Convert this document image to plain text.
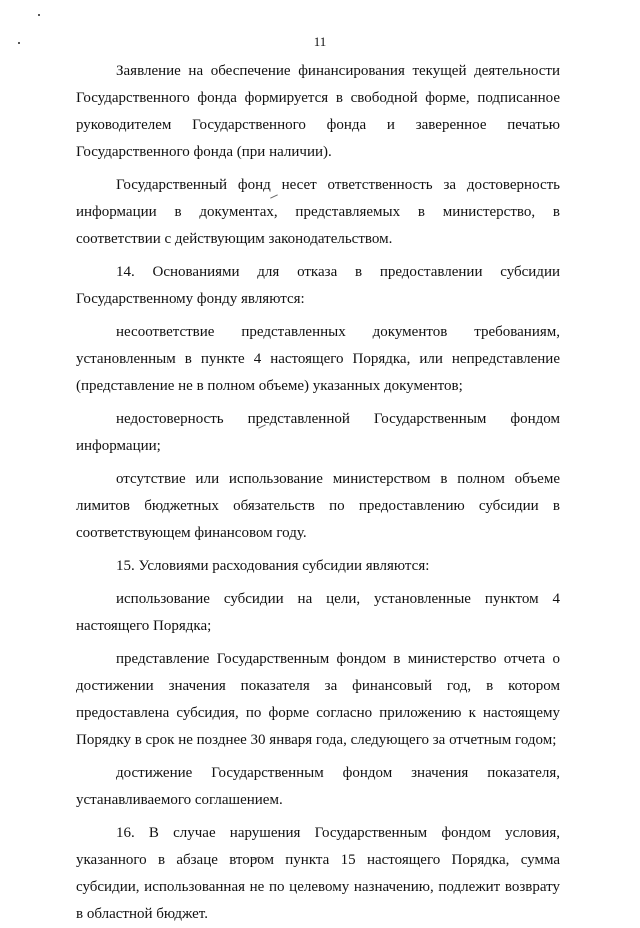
11

Заявление на обеспечение финансирования текущей деятельности Государственного фонда формируется в свободной форме, подписанное руководителем Государственного фонда и заверенное печатью Государственного фонда (при наличии).

Государственный фонд несет ответственность за достоверность информации в документах, представляемых в министерство, в соответствии с действующим законодательством.

14. Основаниями для отказа в предоставлении субсидии Государственному фонду являются:

несоответствие представленных документов требованиям, установленным в пункте 4 настоящего Порядка, или непредставление (представление не в полном объеме) указанных документов;

недостоверность представленной Государственным фондом информации;

отсутствие или использование министерством в полном объеме лимитов бюджетных обязательств по предоставлению субсидии в соответствующем финансовом году.

15. Условиями расходования субсидии являются:

использование субсидии на цели, установленные пунктом 4 настоящего Порядка;

представление Государственным фондом в министерство отчета о достижении значения показателя за финансовый год, в котором предоставлена субсидия, по форме согласно приложению к настоящему Порядку в срок не позднее 30 января года, следующего за отчетным годом;

достижение Государственным фондом значения показателя, устанавливаемого соглашением.

16. В случае нарушения Государственным фондом условия, указанного в абзаце втором пункта 15 настоящего Порядка, сумма субсидии, использованная не по целевому назначению, подлежит возврату в областной бюджет.
